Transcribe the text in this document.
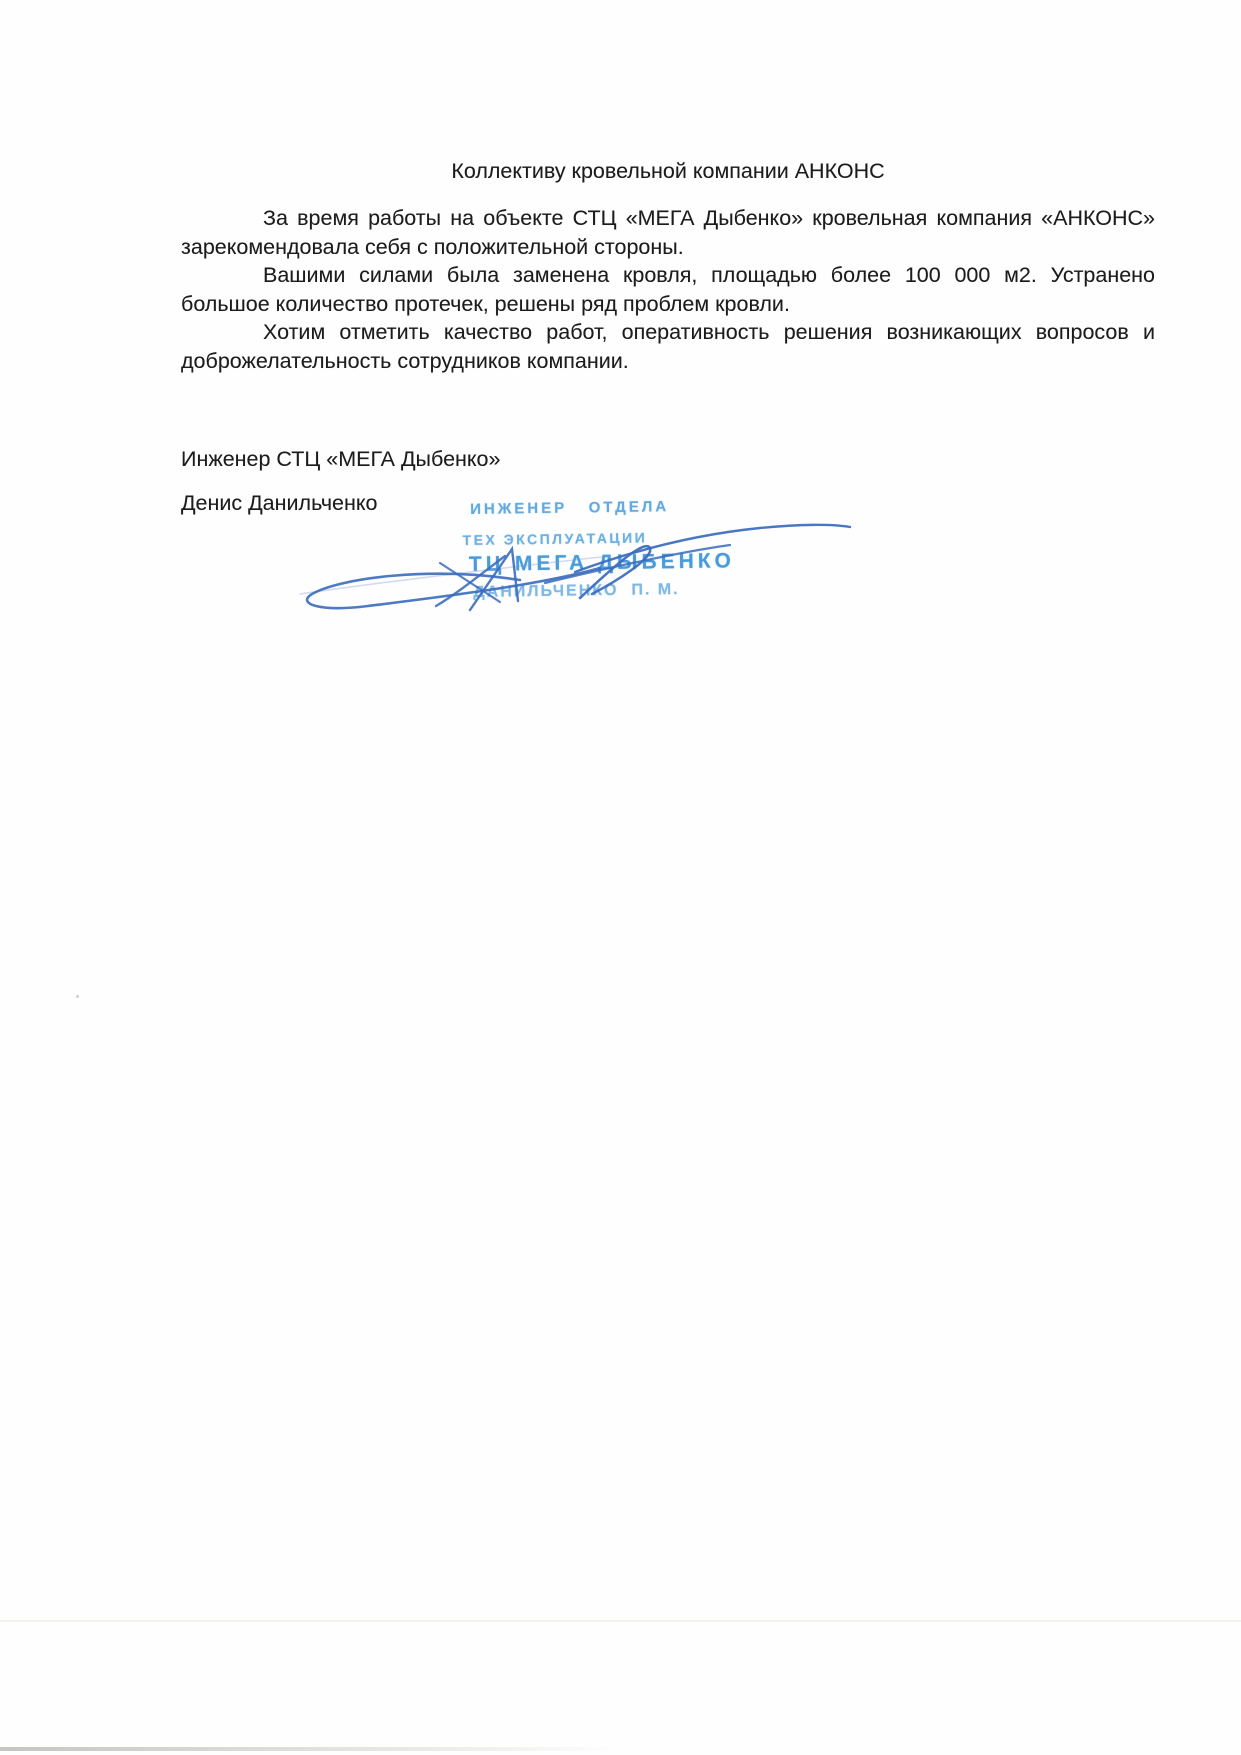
Коллективу кровельной компании АНКОНС

За время работы на объекте СТЦ «МЕГА Дыбенко» кровельная компания «АНКОНС» зарекомендовала себя с положительной стороны.

Вашими силами была заменена кровля, площадью более 100 000 м2. Устранено большое количество протечек, решены ряд проблем кровли.

Хотим отметить качество работ, оперативность решения возникающих вопросов и доброжелательность сотрудников компании.

Инженер СТЦ «МЕГА Дыбенко»
Денис Данильченко	ИНЖЕНЕР   ОТДЕЛА
ТЕХ ЭКСПЛУАТАЦИИ
ТЦ МЕГА ДЫБЕНКО
ДАНИЛЬЧЕНКО  П. М.
